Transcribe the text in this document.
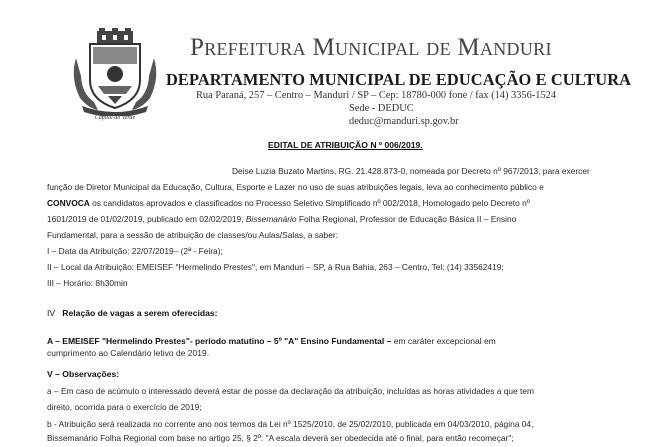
Capital do Verde
Prefeitura Municipal de Manduri
DEPARTAMENTO MUNICIPAL DE EDUCAÇÃO E CULTURA
Rua Paraná, 257 – Centro – Manduri / SP – Cep: 18780-000 fone / fax (14) 3356-1524
Sede - DEDUC
deduc@manduri.sp.gov.br
EDITAL DE ATRIBUIÇÃO N º 006/2019.
Deise Luzia Buzato Martins, RG. 21.428.873-0, nomeada por Decreto nº 967/2013, para exercer
função de Diretor Municipal da Educação, Cultura, Esporte e Lazer no uso de suas atribuições legais, leva ao conhecimento público e
CONVOCA os candidatos aprovados e classificados no Processo Seletivo Simplificado nº 002/2018, Homologado pelo Decreto nº
1601/2019 de 01/02/2019, publicado em 02/02/2019, Bissemanário Folha Regional, Professor de Educação Básica II – Ensino
Fundamental, para a sessão de atribuição de classes/ou Aulas/Salas, a saber:
I – Data da Atribuição: 22/07/2019– (2ª - Feira);
II – Local da Atribuição: EMEISEF "Hermelindo Prestes", em Manduri – SP, à Rua Bahia, 263 – Centro, Tel: (14) 33562419;
III – Horário: 8h30min
IV Relação de vagas a serem oferecidas:
A – EMEISEF "Hermelindo Prestes"- período matutino – 5º "A" Ensino Fundamental – em caráter excepcional em
cumprimento ao Calendário letivo de 2019.
V – Observações:
a – Em caso de acúmulo o interessado deverá estar de posse da declaração da atribuição, incluídas as horas atividades a que tem
direito, ocorrida para o exercício de 2019;
b - Atribuição será realizada no corrente ano nos termos da Lei nº 1525/2010, de 25/02/2010, publicada em 04/03/2010, página 04,
Bissemanário Folha Regional com base no artigo 25, § 2º: "A escala deverá ser obedecida até o final, para então recomeçar";
